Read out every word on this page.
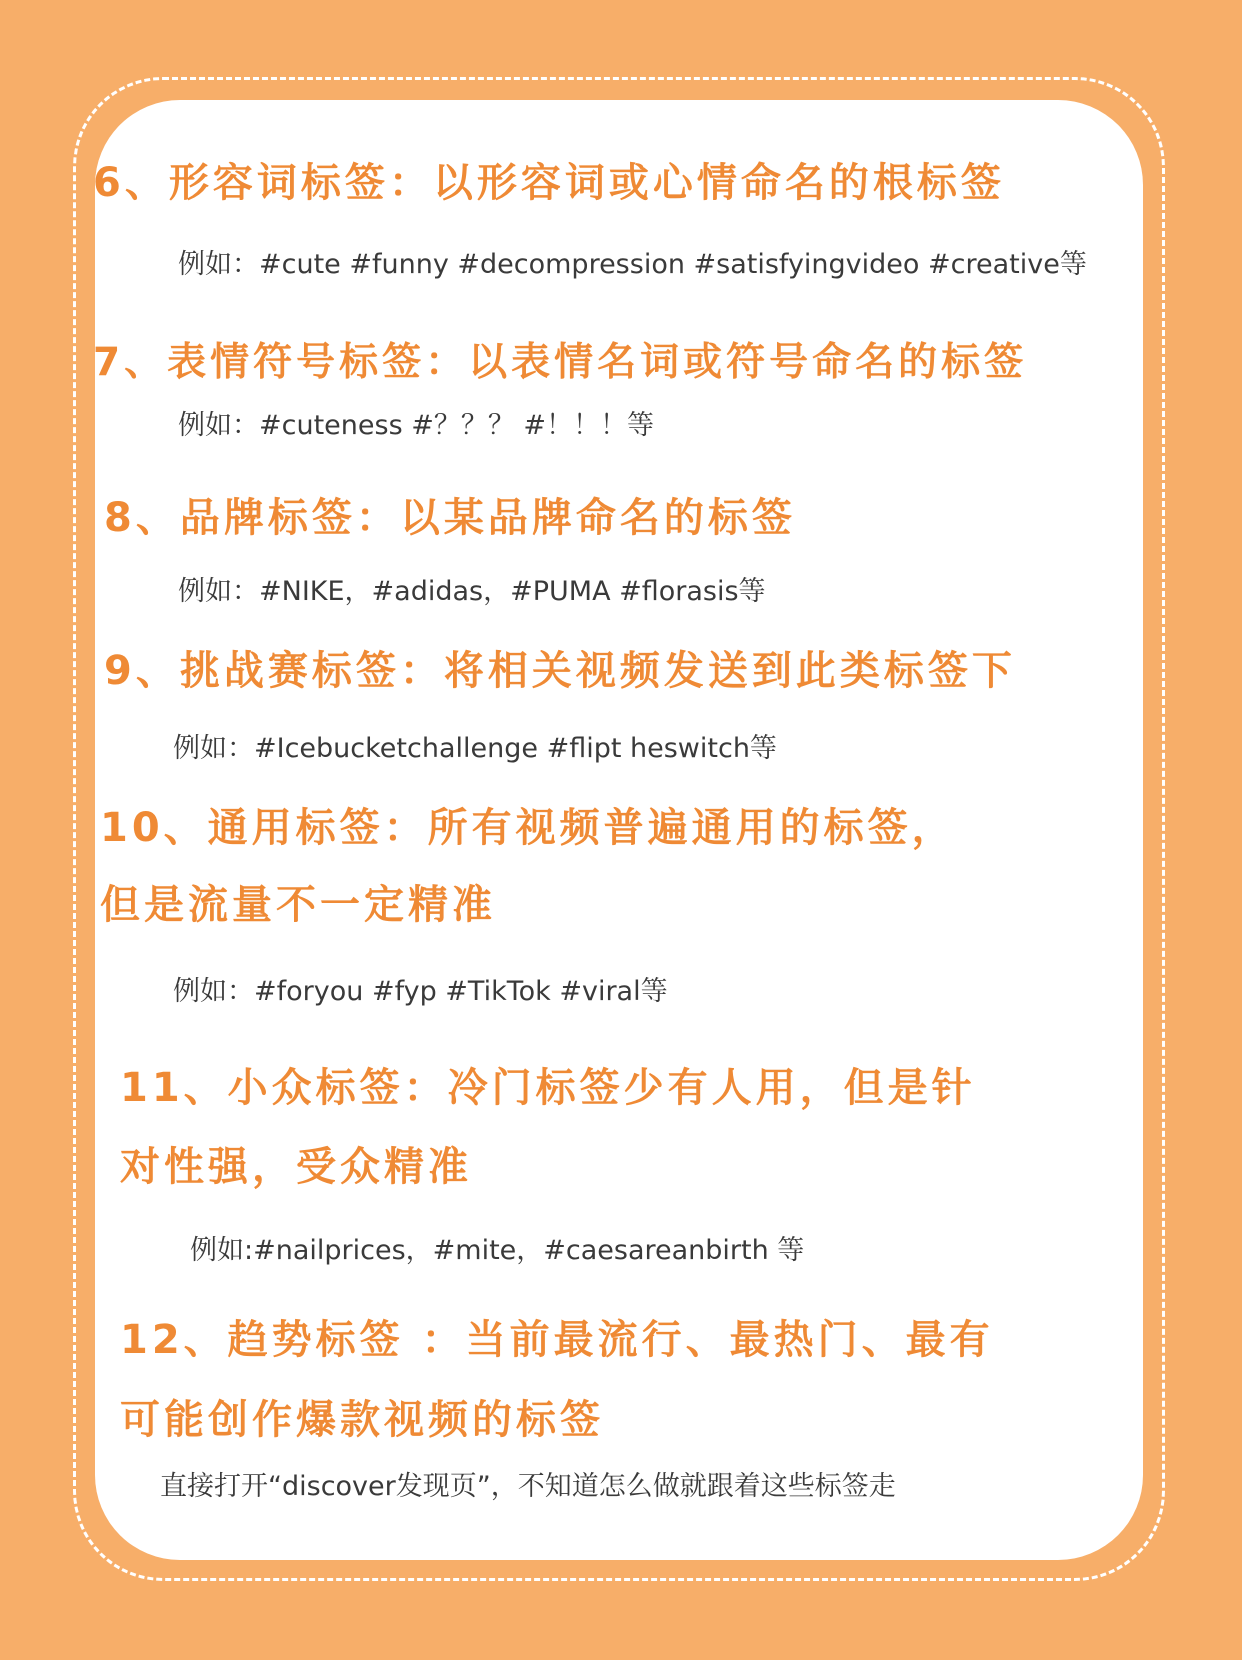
6、形容词标签：以形容词或心情命名的根标签
例如：#cute #funny #decompression #satisfyingvideo #creative等
7、表情符号标签：以表情名词或符号命名的标签
例如：#cuteness #？？？ #！！！等
8、品牌标签：以某品牌命名的标签
例如：#NIKE，#adidas，#PUMA #florasis等
9、挑战赛标签：将相关视频发送到此类标签下
例如：#Icebucketchallenge #flipt heswitch等
10、通用标签：所有视频普遍通用的标签，
但是流量不一定精准
例如：#foryou #fyp #TikTok #viral等
11、小众标签：冷门标签少有人用，但是针
对性强，受众精准
例如:#nailprices，#mite，#caesareanbirth 等
12、趋势标签 ：当前最流行、最热门、最有
可能创作爆款视频的标签
直接打开“discover发现页”，不知道怎么做就跟着这些标签走
